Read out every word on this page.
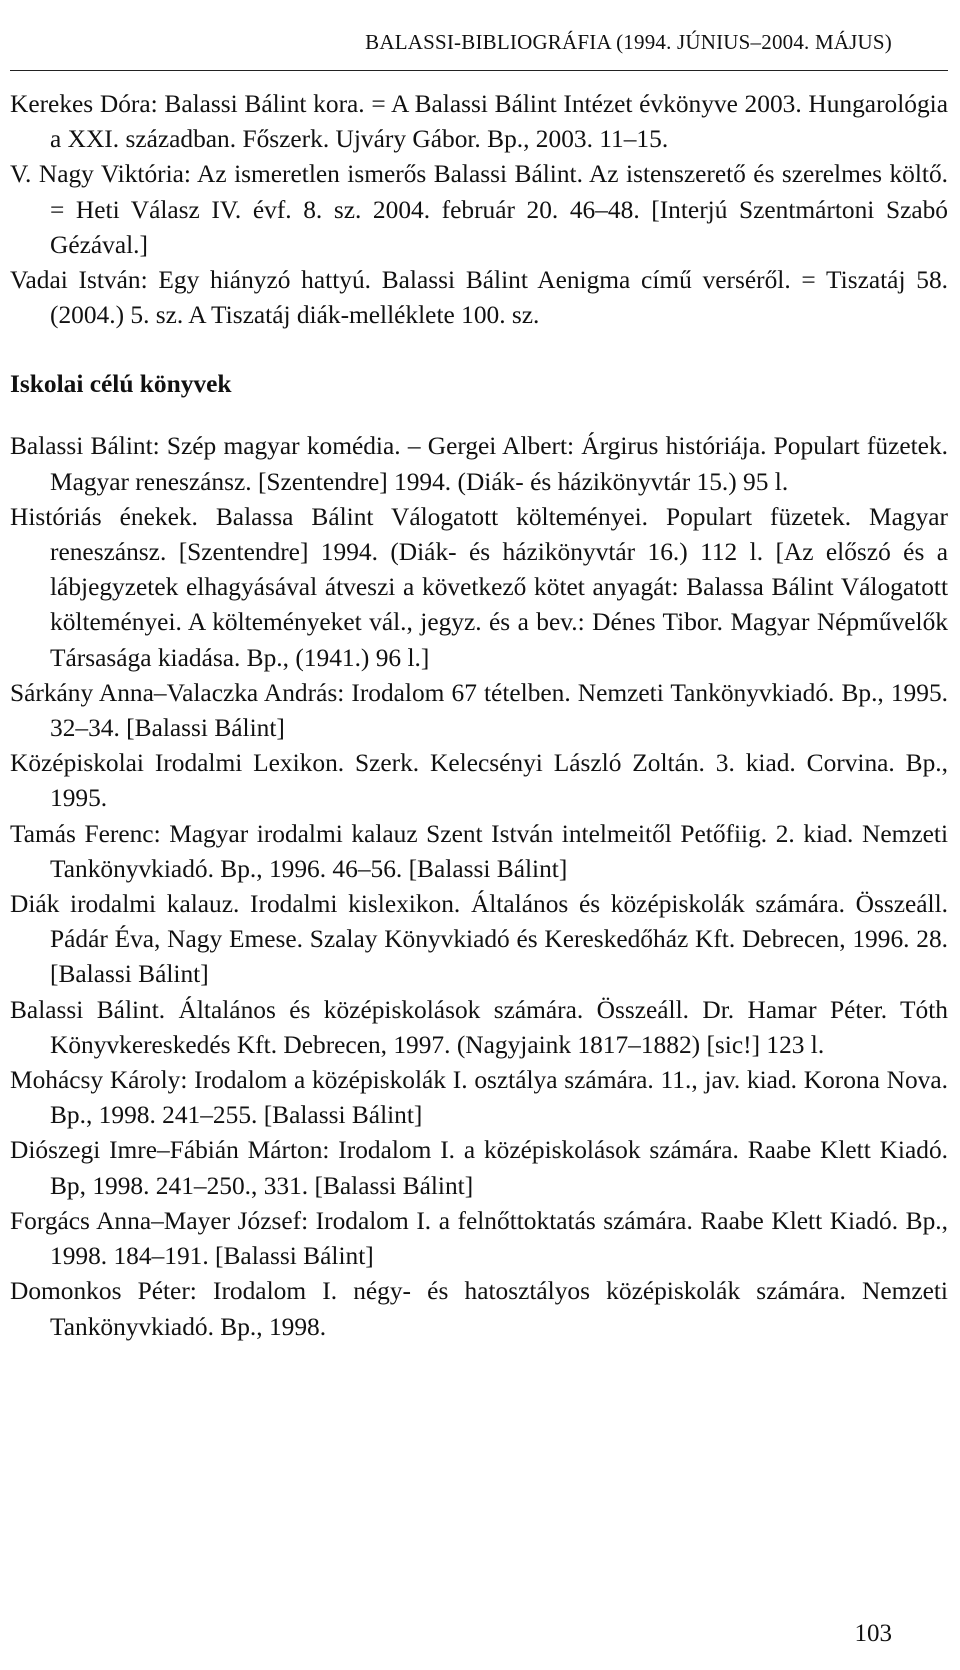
BALASSI-BIBLIOGRÁFIA (1994. JÚNIUS–2004. MÁJUS)

Kerekes Dóra: Balassi Bálint kora. = A Balassi Bálint Intézet évkönyve 2003. Hungarológia a XXI. században. Főszerk. Ujváry Gábor. Bp., 2003. 11–15.

V. Nagy Viktória: Az ismeretlen ismerős Balassi Bálint. Az istenszerető és szerelmes költő. = Heti Válasz IV. évf. 8. sz. 2004. február 20. 46–48. [Interjú Szentmártoni Szabó Gézával.]

Vadai István: Egy hiányzó hattyú. Balassi Bálint Aenigma című verséről. = Tiszatáj 58. (2004.) 5. sz. A Tiszatáj diák-melléklete 100. sz.

Iskolai célú könyvek

Balassi Bálint: Szép magyar komédia. – Gergei Albert: Árgirus históriája. Populart füzetek. Magyar reneszánsz. [Szentendre] 1994. (Diák- és házikönyvtár 15.) 95 l.

Históriás énekek. Balassa Bálint Válogatott költeményei. Populart füzetek. Magyar reneszánsz. [Szentendre] 1994. (Diák- és házikönyvtár 16.) 112 l. [Az előszó és a lábjegyzetek elhagyásával átveszi a következő kötet anyagát: Balassa Bálint Válogatott költeményei. A költeményeket vál., jegyz. és a bev.: Dénes Tibor. Magyar Népművelők Társasága kiadása. Bp., (1941.) 96 l.]

Sárkány Anna–Valaczka András: Irodalom 67 tételben. Nemzeti Tankönyvkiadó. Bp., 1995. 32–34. [Balassi Bálint]

Középiskolai Irodalmi Lexikon. Szerk. Kelecsényi László Zoltán. 3. kiad. Corvina. Bp., 1995.

Tamás Ferenc: Magyar irodalmi kalauz Szent István intelmeitől Petőfiig. 2. kiad. Nemzeti Tankönyvkiadó. Bp., 1996. 46–56. [Balassi Bálint]

Diák irodalmi kalauz. Irodalmi kislexikon. Általános és középiskolák számára. Összeáll. Pádár Éva, Nagy Emese. Szalay Könyvkiadó és Kereskedőház Kft. Debrecen, 1996. 28. [Balassi Bálint]

Balassi Bálint. Általános és középiskolások számára. Összeáll. Dr. Hamar Péter. Tóth Könyvkereskedés Kft. Debrecen, 1997. (Nagyjaink 1817–1882) [sic!] 123 l.

Mohácsy Károly: Irodalom a középiskolák I. osztálya számára. 11., jav. kiad. Korona Nova. Bp., 1998. 241–255. [Balassi Bálint]

Diószegi Imre–Fábián Márton: Irodalom I. a középiskolások számára. Raabe Klett Kiadó. Bp, 1998. 241–250., 331. [Balassi Bálint]

Forgács Anna–Mayer József: Irodalom I. a felnőttoktatás számára. Raabe Klett Kiadó. Bp., 1998. 184–191. [Balassi Bálint]

Domonkos Péter: Irodalom I. négy- és hatosztályos középiskolák számára. Nemzeti Tankönyvkiadó. Bp., 1998.

103
